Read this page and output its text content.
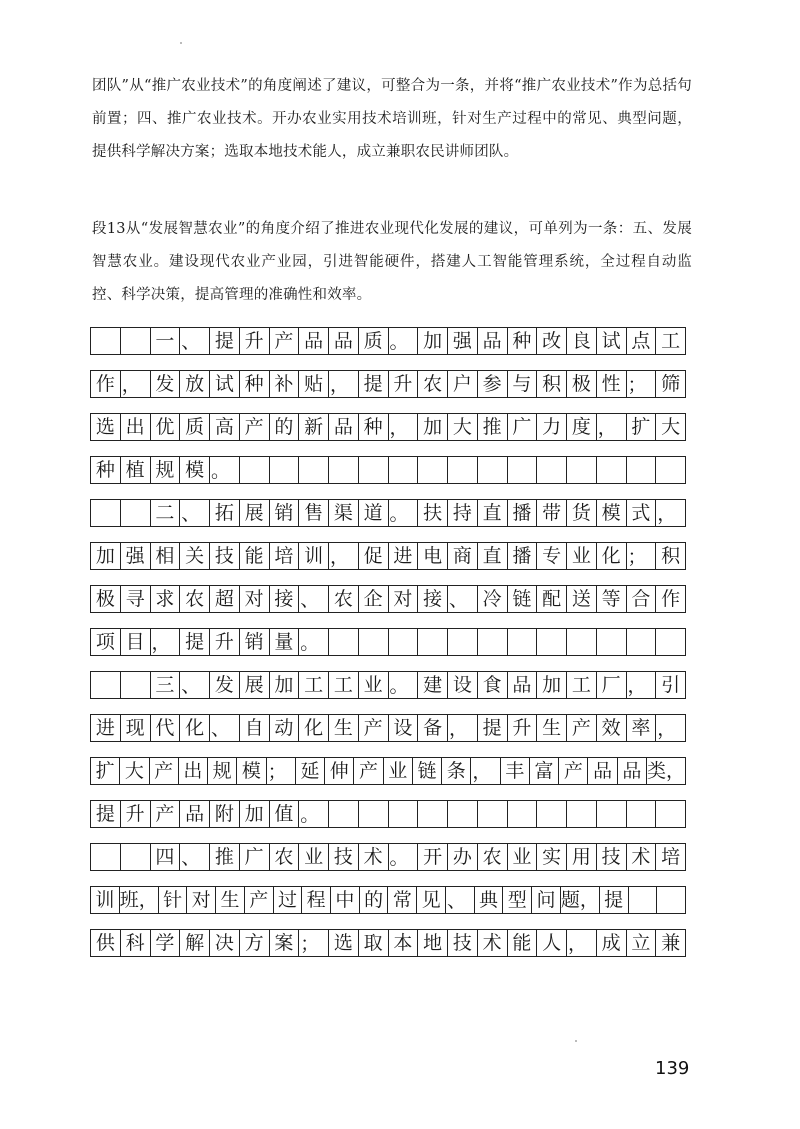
团队”从“推广农业技术”的角度阐述了建议，可整合为一条，并将“推广农业技术”作为总括句前置；四、推广农业技术。开办农业实用技术培训班，针对生产过程中的常见、典型问题，提供科学解决方案；选取本地技术能人，成立兼职农民讲师团队。
段13从“发展智慧农业”的角度介绍了推进农业现代化发展的建议，可单列为一条：五、发展智慧农业。建设现代农业产业园，引进智能硬件，搭建人工智能管理系统，全过程自动监控、科学决策，提高管理的准确性和效率。
一 、 提 升 产 品 品 质 。 加 强 品 种 改 良 试 点 工
作 ， 发 放 试 种 补 贴 ， 提 升 农 户 参 与 积 极 性 ； 筛
选 出 优 质 高 产 的 新 品 种 ， 加 大 推 广 力 度 ， 扩 大
种 植 规 模 。
二 、 拓 展 销 售 渠 道 。 扶 持 直 播 带 货 模 式 ，
加 强 相 关 技 能 培 训 ， 促 进 电 商 直 播 专 业 化 ； 积
极 寻 求 农 超 对 接 、 农 企 对 接 、 冷 链 配 送 等 合 作
项 目 ， 提 升 销 量 。
三 、 发 展 加 工 工 业 。 建 设 食 品 加 工 厂 ， 引
进 现 代 化 、 自 动 化 生 产 设 备 ， 提 升 生 产 效 率 ，
扩 大 产 出 规 模 ； 延 伸 产 业 链 条 ， 丰 富 产 品 品 类，
提 升 产 品 附 加 值 。
四 、 推 广 农 业 技 术 。 开 办 农 业 实 用 技 术 培
训 班， 针 对 生 产 过 程 中 的 常 见 、 典 型 问 题， 提
供 科 学 解 决 方 案 ； 选 取 本 地 技 术 能 人 ， 成 立 兼
139
